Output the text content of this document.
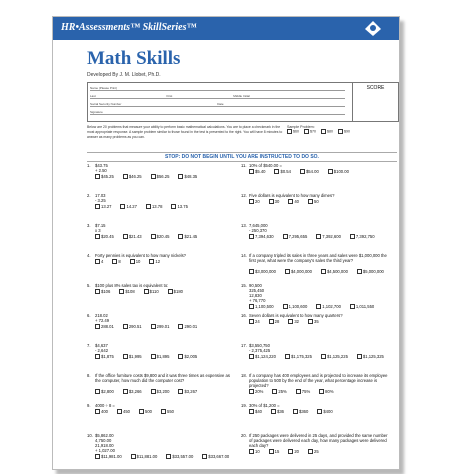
HR•Assessments™ SkillSeries™
Math Skills
Developed By J. M. Llobet, Ph.D.
Name (Please Print)
Last	First	Middle Initial
Social Security Number	Date
Signature
SCORE
Below are 20 problems that measure your ability to perform basic mathematical calculations. You are to place a checkmark in the most appropriate response. A sample problem similar to those found in the test is presented to the right. You will have 8 minutes to answer as many problems as you can.
Sample Problem:
$60	$70	$80	$90
STOP: DO NOT BEGIN UNTIL YOU ARE INSTRUCTED TO DO SO.
1. $43.75
+ 2.50
$45.25	$46.25	$56.25	$48.35
2. 17.03
- 3.25
13.27	14.27	13.78	13.75
3. $7.15
x 3
$20.45	$21.43	$20.45	$21.45
4. Forty pennies is equivalent to how many nickels?
4	8	10	12
5. $100 plus 8% sales tax is equivalent to:
$106	$108	$110	$180
6. 218.02
+ 72.49
288.01	290.51	299.01	290.01
7. $4,637
- 2,642
$1,875	$1,995	$1,895	$2,005
8. If the office furniture costs $9,800 and it was three times as expensive as the computer, how much did the computer cost?
$2,800	$3,266	$3,200	$3,267
9. 4000 ÷ 8 =
400	450	500	550
10. $5,862.00
4,750.00
21,918.00
+ 1,027.00
$11,981.00	$11,881.00	$33,557.00	$33,667.00
11. 10% of $540.00 =
$5.40	$0.54	$54.00	$100.00
12. Five dollars is equivalent to how many dimes?
20	30	40	50
13. 7,645,000
- 250,370
7,394,630	7,295,655	7,392,600	7,392,750
14. If a company tripled its sales in three years and sales were $1,000,000 the first year, what were the company's sales the third year?
$3,000,000	$4,000,000	$4,500,000	$5,000,000
15. 90,500
325,450
12,830
+ 76,770
1,100,500	1,100,600	1,102,700	1,011,550
16. Seven dollars is equivalent to how many quarters?
24	28	32	35
17. $3,550,750
- 2,375,425
$1,124,220	$1,175,325	$1,125,225	$1,125,325
18. If a company has 400 employees and is projected to increase its employee population to 500 by the end of the year, what percentage increase is projected?
20%	25%	75%	80%
19. 30% of $1,200 =
$40	$36	$360	$400
20. If 250 packages were delivered in 25 days, and provided the same number of packages were delivered each day, how many packages were delivered each day?
10	15	20	25
